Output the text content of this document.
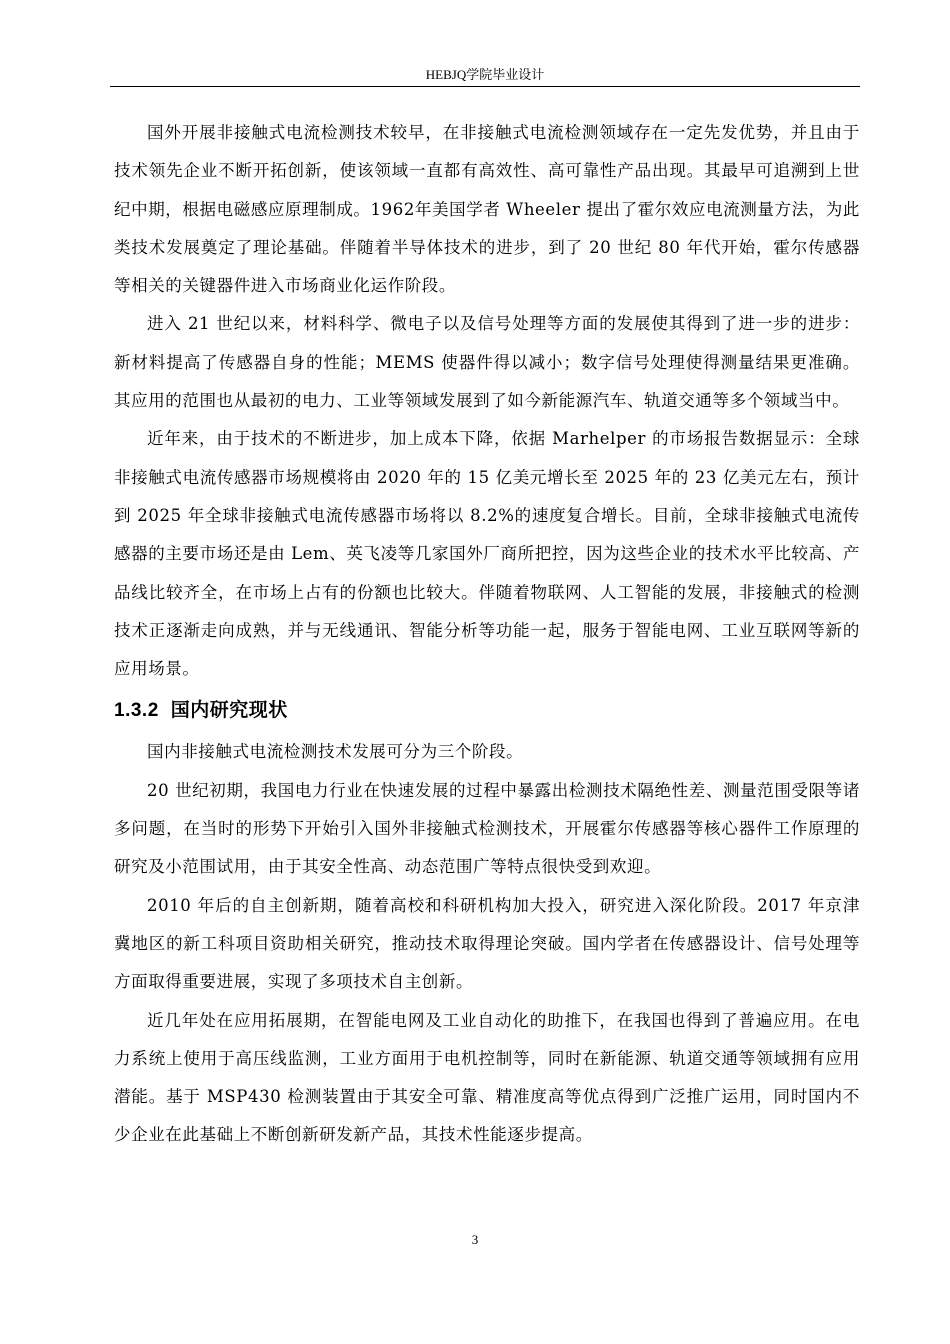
HEBJQ学院毕业设计

国外开展非接触式电流检测技术较早，在非接触式电流检测领域存在一定先发优势，并且由于技术领先企业不断开拓创新，使该领域一直都有高效性、高可靠性产品出现。其最早可追溯到上世纪中期，根据电磁感应原理制成。1962年美国学者 Wheeler 提出了霍尔效应电流测量方法，为此类技术发展奠定了理论基础。伴随着半导体技术的进步，到了 20 世纪 80 年代开始，霍尔传感器等相关的关键器件进入市场商业化运作阶段。

进入 21 世纪以来，材料科学、微电子以及信号处理等方面的发展使其得到了进一步的进步：新材料提高了传感器自身的性能；MEMS 使器件得以减小；数字信号处理使得测量结果更准确。其应用的范围也从最初的电力、工业等领域发展到了如今新能源汽车、轨道交通等多个领域当中。

近年来，由于技术的不断进步，加上成本下降，依据 Marhelper 的市场报告数据显示：全球非接触式电流传感器市场规模将由 2020 年的 15 亿美元增长至 2025 年的 23 亿美元左右，预计到 2025 年全球非接触式电流传感器市场将以 8.2%的速度复合增长。目前，全球非接触式电流传感器的主要市场还是由 Lem、英飞凌等几家国外厂商所把控，因为这些企业的技术水平比较高、产品线比较齐全，在市场上占有的份额也比较大。伴随着物联网、人工智能的发展，非接触式的检测技术正逐渐走向成熟，并与无线通讯、智能分析等功能一起，服务于智能电网、工业互联网等新的应用场景。

1.3.2 国内研究现状

国内非接触式电流检测技术发展可分为三个阶段。

20 世纪初期，我国电力行业在快速发展的过程中暴露出检测技术隔绝性差、测量范围受限等诸多问题，在当时的形势下开始引入国外非接触式检测技术，开展霍尔传感器等核心器件工作原理的研究及小范围试用，由于其安全性高、动态范围广等特点很快受到欢迎。

2010 年后的自主创新期，随着高校和科研机构加大投入，研究进入深化阶段。2017 年京津冀地区的新工科项目资助相关研究，推动技术取得理论突破。国内学者在传感器设计、信号处理等方面取得重要进展，实现了多项技术自主创新。

近几年处在应用拓展期，在智能电网及工业自动化的助推下，在我国也得到了普遍应用。在电力系统上使用于高压线监测，工业方面用于电机控制等，同时在新能源、轨道交通等领域拥有应用潜能。基于 MSP430 检测装置由于其安全可靠、精准度高等优点得到广泛推广运用，同时国内不少企业在此基础上不断创新研发新产品，其技术性能逐步提高。

3
